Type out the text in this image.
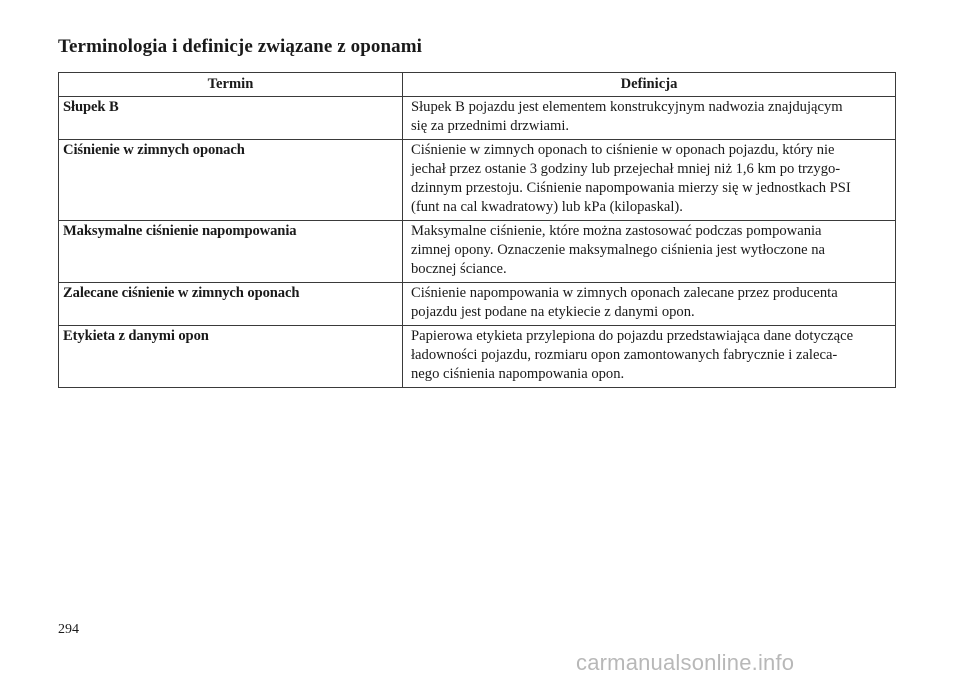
Terminologia i definicje związane z oponami
Termin	Definicja
Słupek B	Słupek B pojazdu jest elementem konstrukcyjnym nadwozia znajdującym
się za przednimi drzwiami.

Ciśnienie w zimnych oponach	Ciśnienie w zimnych oponach to ciśnienie w oponach pojazdu, który nie
jechał przez ostanie 3 godziny lub przejechał mniej niż 1,6 km po trzygo-
dzinnym przestoju. Ciśnienie napompowania mierzy się w jednostkach PSI
(funt na cal kwadratowy) lub kPa (kilopaskal).

Maksymalne ciśnienie napompowania	Maksymalne ciśnienie, które można zastosować podczas pompowania
zimnej opony. Oznaczenie maksymalnego ciśnienia jest wytłoczone na
bocznej ściance.

Zalecane ciśnienie w zimnych oponach	Ciśnienie napompowania w zimnych oponach zalecane przez producenta
pojazdu jest podane na etykiecie z danymi opon.

Etykieta z danymi opon	Papierowa etykieta przylepiona do pojazdu przedstawiająca dane dotyczące
ładowności pojazdu, rozmiaru opon zamontowanych fabrycznie i zaleca-
nego ciśnienia napompowania opon.
294
carmanualsonline.info
